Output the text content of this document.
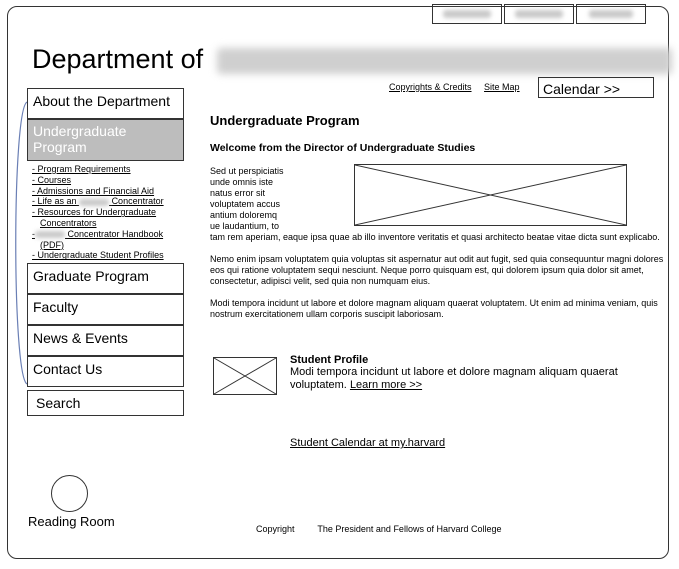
Department of
Copyrights & Credits Site Map	Calendar >>
About the Department
Undergraduate Program
- Program Requirements
- Courses
- Admissions and Financial Aid
- Life as an	Concentrator
- Resources for Undergraduate
Concentrators
-	Concentrator Handbook
(PDF)
- Undergraduate Student Profiles
Graduate Program
Faculty
News & Events
Contact Us
Search
Undergraduate Program
Welcome from the Director of Undergraduate Studies
Sed ut perspiciatis
unde omnis iste
natus error sit
voluptatem accus
antium doloremq
ue laudantium, to
tam rem aperiam, eaque ipsa quae ab illo inventore veritatis et quasi architecto beatae vitae dicta sunt explicabo.
Nemo enim ipsam voluptatem quia voluptas sit aspernatur aut odit aut fugit, sed quia consequuntur magni dolores eos qui ratione voluptatem sequi nesciunt. Neque porro quisquam est, qui dolorem ipsum quia dolor sit amet, consectetur, adipisci velit, sed quia non numquam eius.
Modi tempora incidunt ut labore et dolore magnam aliquam quaerat voluptatem. Ut enim ad minima veniam, quis nostrum exercitationem ullam corporis suscipit laboriosam.
Student Profile
Modi tempora incidunt ut labore et dolore magnam aliquam quaerat voluptatem. Learn more >>
Student Calendar at my.harvard
Reading Room	Copyright	The President and Fellows of Harvard College
